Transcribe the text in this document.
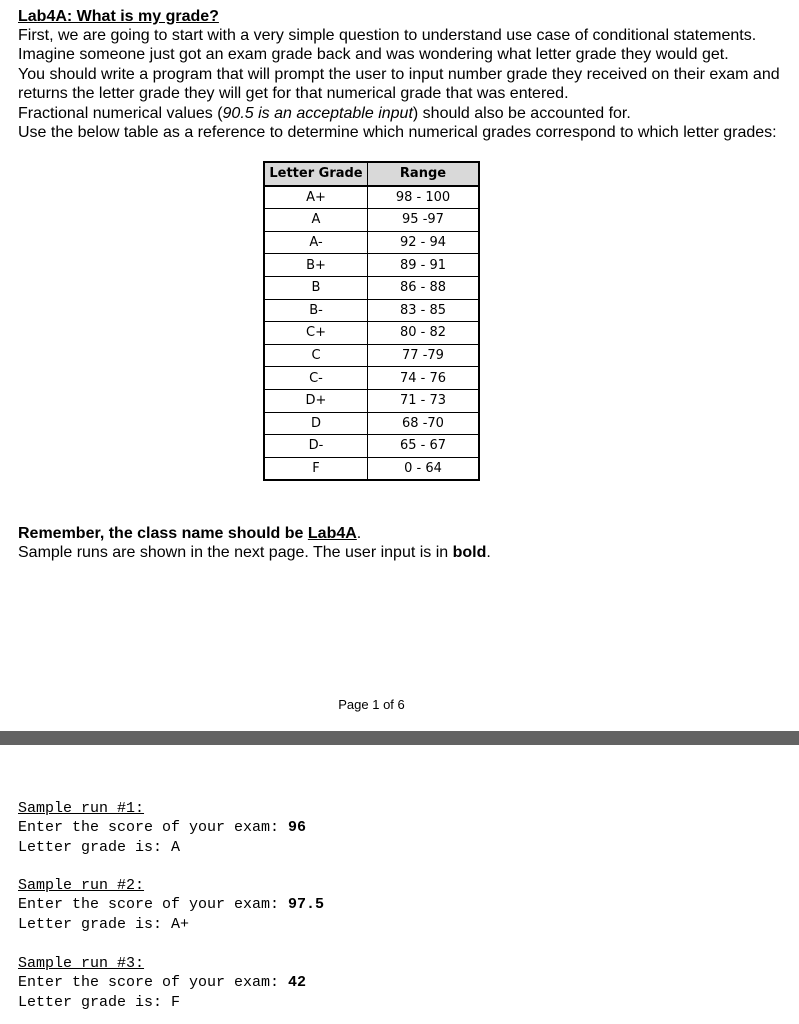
Lab4A: What is my grade?

First, we are going to start with a very simple question to understand use case of conditional statements.

Imagine someone just got an exam grade back and was wondering what letter grade they would get.

You should write a program that will prompt the user to input number grade they received on their exam and returns the letter grade they will get for that numerical grade that was entered.

Fractional numerical values (90.5 is an acceptable input) should also be accounted for.

Use the below table as a reference to determine which numerical grades correspond to which letter grades:

Letter Grade	Range
A+	98 - 100
A	95 -97
A-	92 - 94
B+	89 - 91
B	86 - 88
B-	83 - 85
C+	80 - 82
C	77 -79
C-	74 - 76
D+	71 - 73
D	68 -70
D-	65 - 67
F	0 - 64
Remember, the class name should be Lab4A.
Sample runs are shown in the next page. The user input is in bold.
Page 1 of 6
Sample run #1:
Enter the score of your exam: 96
Letter grade is: A
Sample run #2:
Enter the score of your exam: 97.5
Letter grade is: A+
Sample run #3:
Enter the score of your exam: 42
Letter grade is: F
